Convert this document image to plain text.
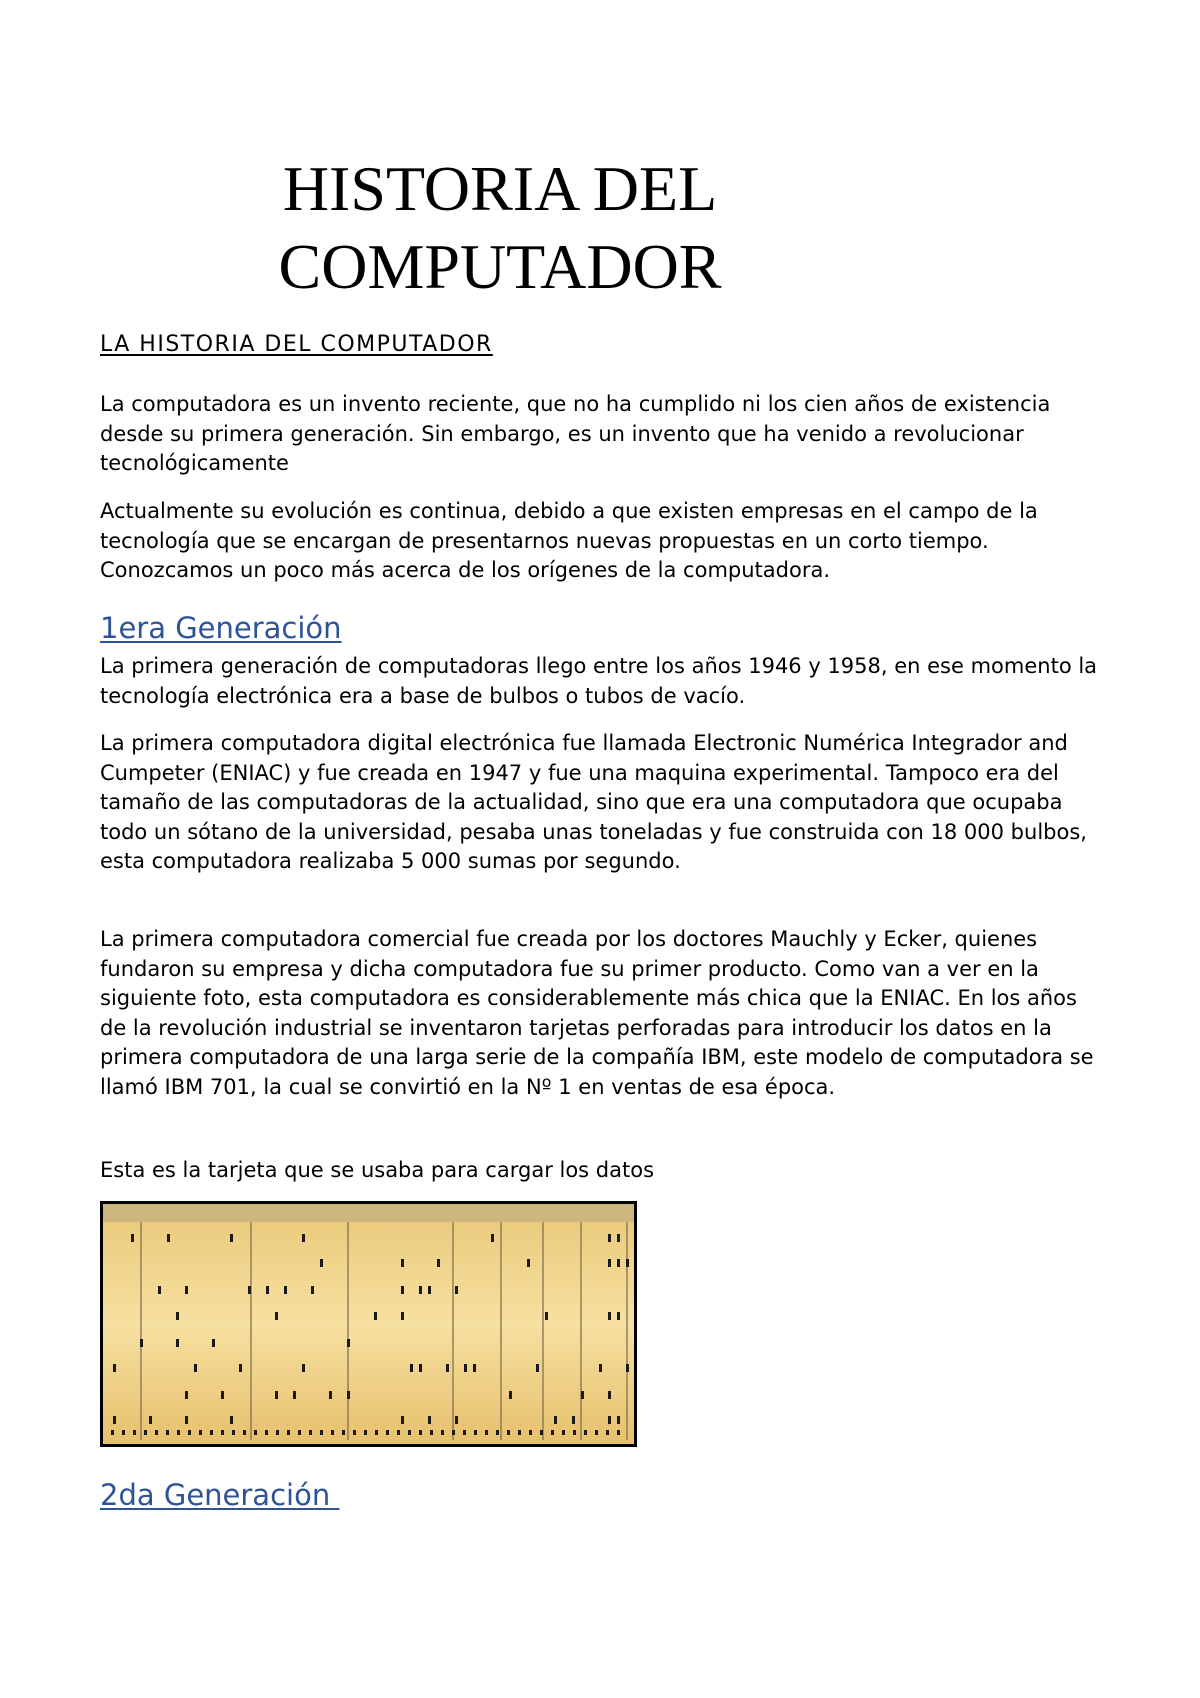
HISTORIA DEL
COMPUTADOR

LA HISTORIA DEL COMPUTADOR

La computadora es un invento reciente, que no ha cumplido ni los cien años de existencia desde su primera generación. Sin embargo, es un invento que ha venido a revolucionar tecnológicamente

Actualmente su evolución es continua, debido a que existen empresas en el campo de la tecnología que se encargan de presentarnos nuevas propuestas en un corto tiempo. Conozcamos un poco más acerca de los orígenes de la computadora.

1era Generación

La primera generación de computadoras llego entre los años 1946 y 1958, en ese momento la tecnología electrónica era a base de bulbos o tubos de vacío.

La primera computadora digital electrónica fue llamada Electronic Numérica Integrador and Cumpeter (ENIAC) y fue creada en 1947 y fue una maquina experimental. Tampoco era del tamaño de las computadoras de la actualidad, sino que era una computadora que ocupaba todo un sótano de la universidad, pesaba unas toneladas y fue construida con 18 000 bulbos, esta computadora realizaba 5 000 sumas por segundo.

La primera computadora comercial fue creada por los doctores Mauchly y Ecker, quienes fundaron su empresa y dicha computadora fue su primer producto. Como van a ver en la siguiente foto, esta computadora es considerablemente más chica que la ENIAC. En los años de la revolución industrial se inventaron tarjetas perforadas para introducir los datos en la primera computadora de una larga serie de la compañía IBM, este modelo de computadora se llamó IBM 701, la cual se convirtió en la Nº 1 en ventas de esa época.

Esta es la tarjeta que se usaba para cargar los datos

2da Generación
